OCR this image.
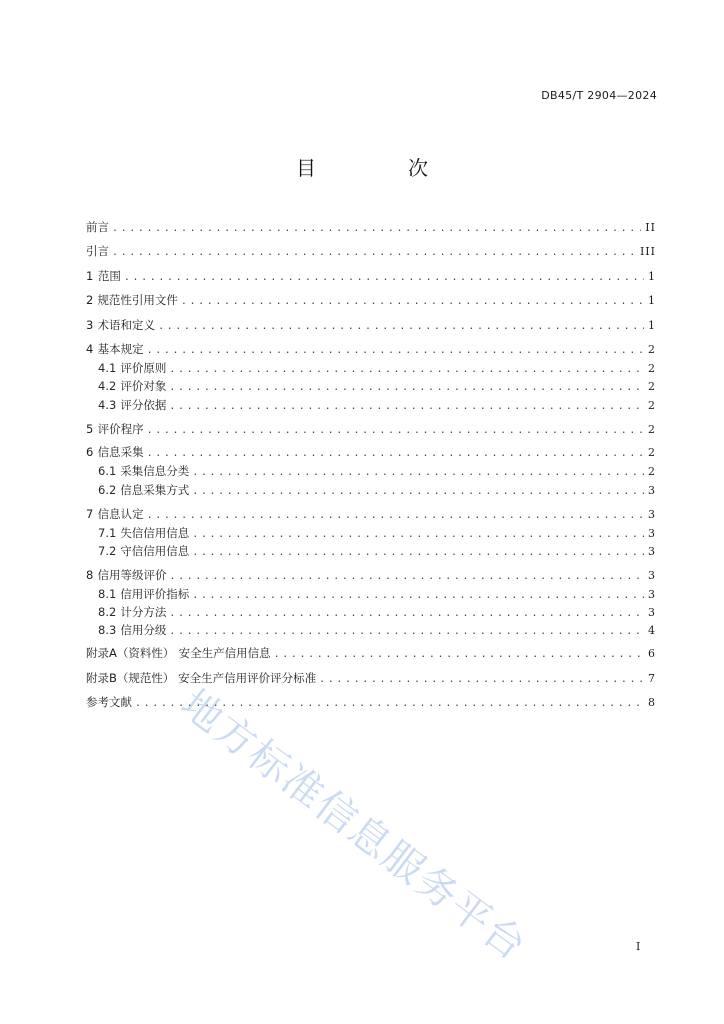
DB45/T 2904—2024
目　次
前言 .....	II
引言 .....	III
1 范围 .....	1
2 规范性引用文件 .....	1
3 术语和定义 .....	1
4 基本规定 .....	2
4.1 评价原则 .....	2
4.2 评价对象 .....	2
4.3 评分依据 .....	2
5 评价程序 .....	2
6 信息采集 .....	2
6.1 采集信息分类 .....	2
6.2 信息采集方式 .....	3
7 信息认定 .....	3
7.1 失信信用信息 .....	3
7.2 守信信用信息 .....	3
8 信用等级评价 .....	3
8.1 信用评价指标 .....	3
8.2 计分方法 .....	3
8.3 信用分级 .....	4
附录A（资料性） 安全生产信用信息 .....	6
附录B（规范性） 安全生产信用评价评分标准 .....	7
参考文献 .....	8
地方标准信息服务平台	I
